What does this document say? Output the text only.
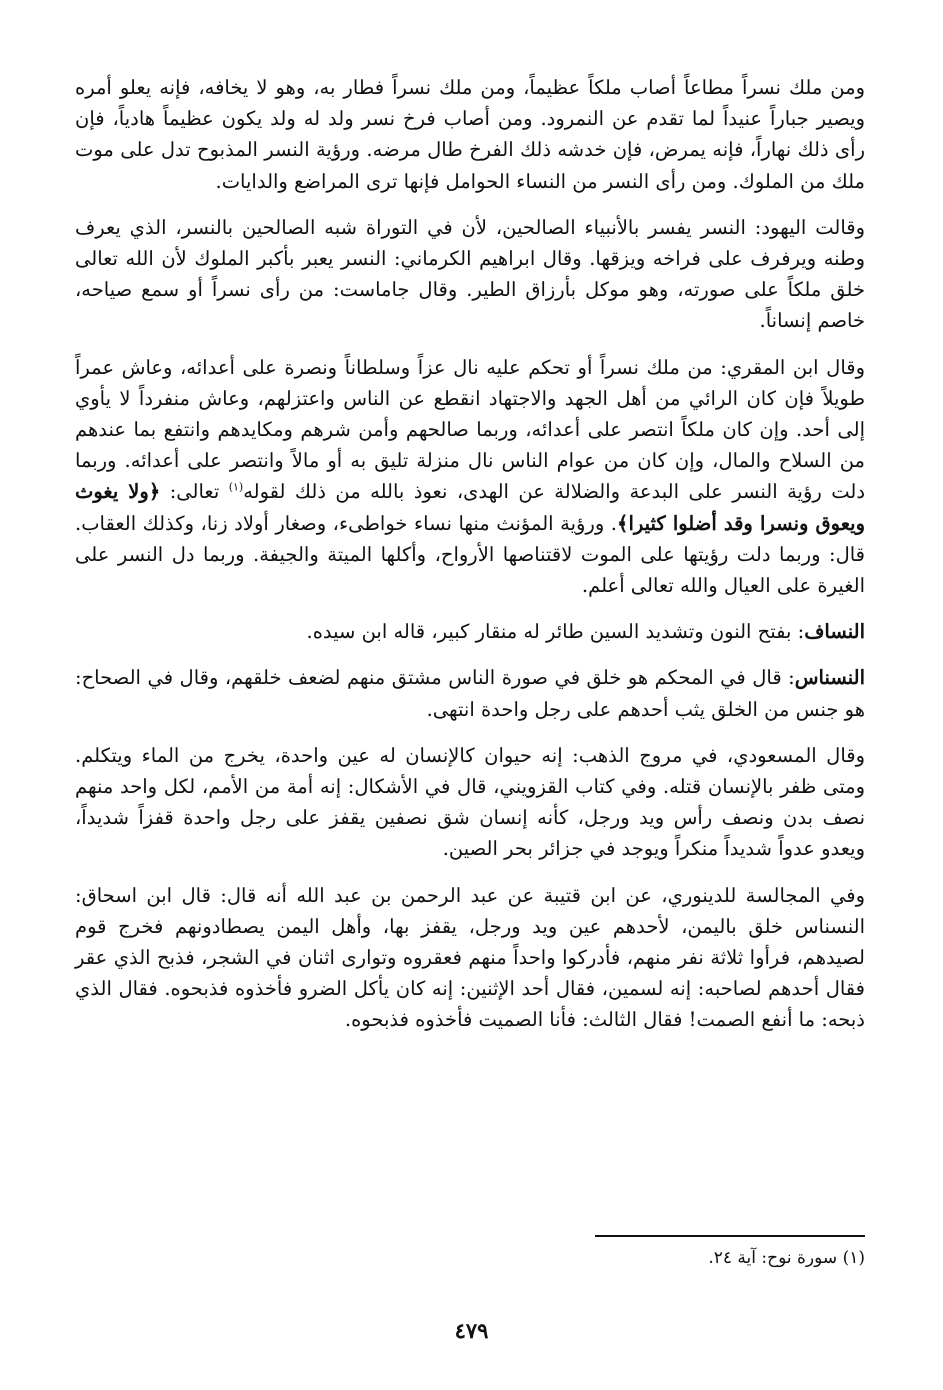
ومن ملك نسراً مطاعاً أصاب ملكاً عظيماً، ومن ملك نسراً فطار به، وهو لا يخافه، فإنه يعلو أمره ويصير جباراً عنيداً لما تقدم عن النمرود. ومن أصاب فرخ نسر ولد له ولد يكون عظيماً هادياً، فإن رأى ذلك نهاراً، فإنه يمرض، فإن خدشه ذلك الفرخ طال مرضه. ورؤية النسر المذبوح تدل على موت ملك من الملوك. ومن رأى النسر من النساء الحوامل فإنها ترى المراضع والدايات.

وقالت اليهود: النسر يفسر بالأنبياء الصالحين، لأن في التوراة شبه الصالحين بالنسر، الذي يعرف وطنه ويرفرف على فراخه ويزقها. وقال ابراهيم الكرماني: النسر يعبر بأكبر الملوك لأن الله تعالى خلق ملكاً على صورته، وهو موكل بأرزاق الطير. وقال جاماست: من رأى نسراً أو سمع صياحه، خاصم إنساناً.

وقال ابن المقري: من ملك نسراً أو تحكم عليه نال عزاً وسلطاناً ونصرة على أعدائه، وعاش عمراً طويلاً فإن كان الرائي من أهل الجهد والاجتهاد انقطع عن الناس واعتزلهم، وعاش منفرداً لا يأوي إلى أحد. وإن كان ملكاً انتصر على أعدائه، وربما صالحهم وأمن شرهم ومكايدهم وانتفع بما عندهم من السلاح والمال، وإن كان من عوام الناس نال منزلة تليق به أو مالاً وانتصر على أعدائه. وربما دلت رؤية النسر على البدعة والضلالة عن الهدى، نعوذ بالله من ذلك لقوله$^{(١)}$ تعالى: ﴿ولا يغوث ويعوق ونسرا وقد أضلوا كثيرا﴾. ورؤية المؤنث منها نساء خواطىء، وصغار أولاد زنا، وكذلك العقاب. قال: وربما دلت رؤيتها على الموت لاقتناصها الأرواح، وأكلها الميتة والجيفة. وربما دل النسر على الغيرة على العيال والله تعالى أعلم.

النساف: بفتح النون وتشديد السين طائر له منقار كبير، قاله ابن سيده.

النسناس: قال في المحكم هو خلق في صورة الناس مشتق منهم لضعف خلقهم، وقال في الصحاح: هو جنس من الخلق يثب أحدهم على رجل واحدة انتهى.

وقال المسعودي، في مروج الذهب: إنه حيوان كالإنسان له عين واحدة، يخرج من الماء ويتكلم. ومتى ظفر بالإنسان قتله. وفي كتاب القزويني، قال في الأشكال: إنه أمة من الأمم، لكل واحد منهم نصف بدن ونصف رأس ويد ورجل، كأنه إنسان شق نصفين يقفز على رجل واحدة قفزاً شديداً، ويعدو عدواً شديداً منكراً ويوجد في جزائر بحر الصين.

وفي المجالسة للدينوري، عن ابن قتيبة عن عبد الرحمن بن عبد الله أنه قال: قال ابن اسحاق: النسناس خلق باليمن، لأحدهم عين ويد ورجل، يقفز بها، وأهل اليمن يصطادونهم فخرج قوم لصيدهم، فرأوا ثلاثة نفر منهم، فأدركوا واحداً منهم فعقروه وتوارى اثنان في الشجر، فذبح الذي عقر فقال أحدهم لصاحبه: إنه لسمين، فقال أحد الإثنين: إنه كان يأكل الضرو فأخذوه فذبحوه. فقال الذي ذبحه: ما أنفع الصمت! فقال الثالث: فأنا الصميت فأخذوه فذبحوه.

(١) سورة نوح: آية ٢٤.

٤٧٩
